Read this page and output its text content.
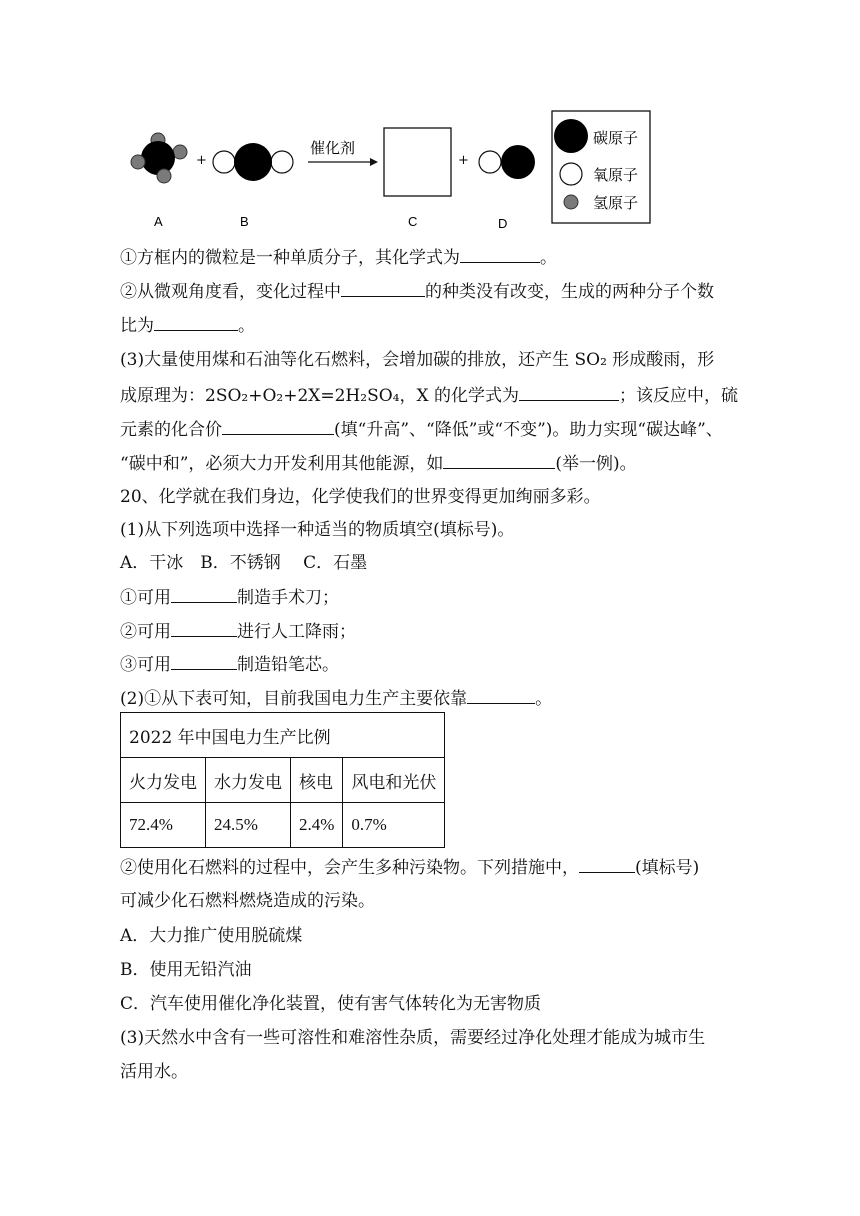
+
催化剂
+
A	B	C	D
碳原子
氧原子
氢原子
①方框内的微粒是一种单质分子，其化学式为	。
②从微观角度看，变化过程中	的种类没有改变，生成的两种分子个数
比为	。
(3)大量使用煤和石油等化石燃料，会增加碳的排放，还产生 SO₂ 形成酸雨，形
成原理为：2SO₂+O₂+2X=2H₂SO₄，X 的化学式为	；该反应中，硫
元素的化合价	(填“升高”、“降低”或“不变”)。助力实现“碳达峰”、
“碳中和”，必须大力开发利用其他能源，如	(举一例)。
20、化学就在我们身边，化学使我们的世界变得更加绚丽多彩。
(1)从下列选项中选择一种适当的物质填空(填标号)。
A．干冰　B．不锈钢　 C．石墨
①可用	制造手术刀；
②可用	进行人工降雨；
③可用	制造铅笔芯。
(2)①从下表可知，目前我国电力生产主要依靠	。
2022 年中国电力生产比例			
火力发电	水力发电	核电	风电和光伏
72.4%	24.5%	2.4%	0.7%
②使用化石燃料的过程中，会产生多种污染物。下列措施中，	(填标号)
可减少化石燃料燃烧造成的污染。
A．大力推广使用脱硫煤
B．使用无铅汽油
C．汽车使用催化净化装置，使有害气体转化为无害物质
(3)天然水中含有一些可溶性和难溶性杂质，需要经过净化处理才能成为城市生
活用水。
